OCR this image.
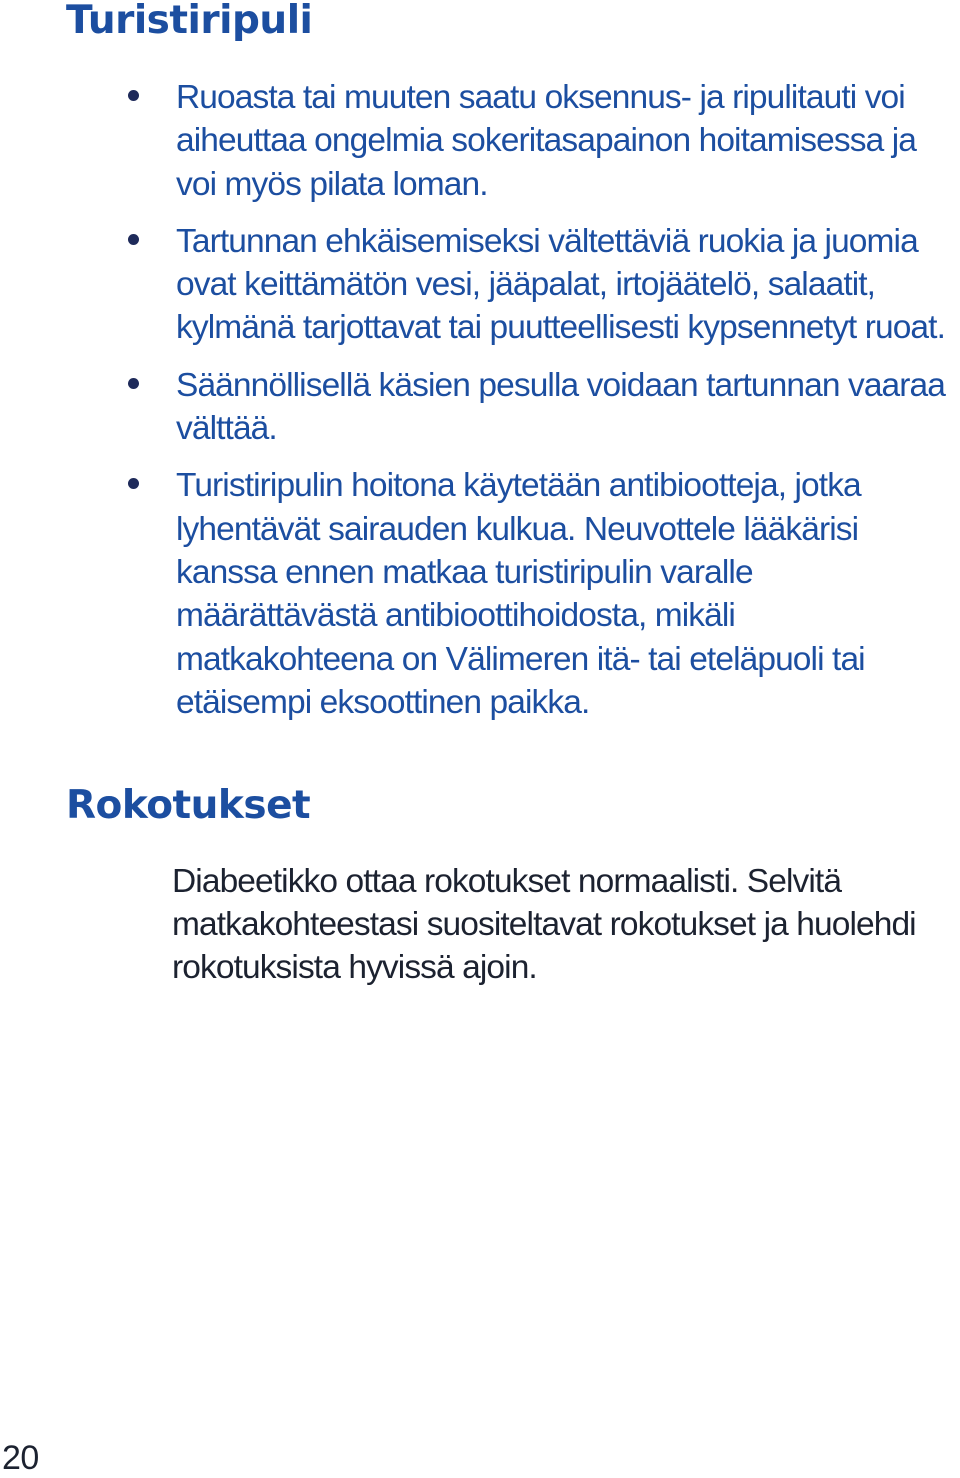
Turistiripuli
Ruoasta tai muuten saatu oksennus- ja ripulitauti voi aiheuttaa ongelmia sokeritasapainon hoitamisessa ja voi myös pilata loman.
Tartunnan ehkäisemiseksi vältettäviä ruokia ja juomia ovat keittämätön vesi, jääpalat, irtojäätelö, salaatit, kylmänä tarjottavat tai puutteellisesti kypsennetyt ruoat.
Säännöllisellä käsien pesulla voidaan tartunnan vaaraa välttää.
Turistiripulin hoitona käytetään antibiootteja, jotka lyhentävät sairauden kulkua. Neuvottele lääkärisi kanssa ennen matkaa turistiripulin varalle määrättävästä antibioottihoidosta, mikäli matkakohteena on Välimeren itä- tai eteläpuoli tai etäisempi eksoottinen paikka.
Rokotukset

Diabeetikko ottaa rokotukset normaalisti. Selvitä matkakohteestasi suositeltavat rokotukset ja huolehdi rokotuksista hyvissä ajoin.

20
